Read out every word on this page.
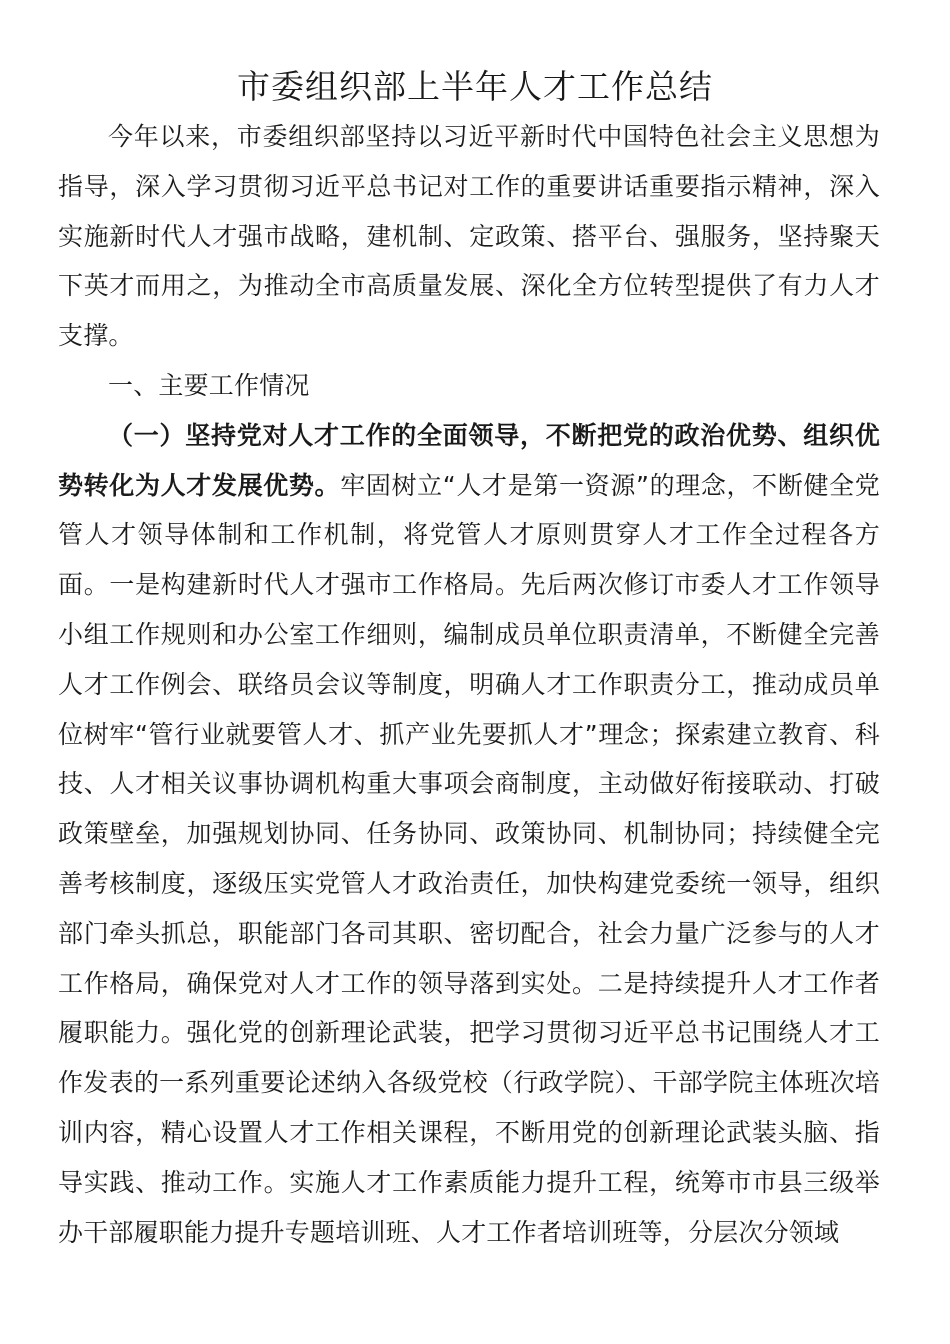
市委组织部上半年人才工作总结

今年以来，市委组织部坚持以习近平新时代中国特色社会主义思想为指导，深入学习贯彻习近平总书记对工作的重要讲话重要指示精神，深入实施新时代人才强市战略，建机制、定政策、搭平台、强服务，坚持聚天下英才而用之，为推动全市高质量发展、深化全方位转型提供了有力人才支撑。

一、主要工作情况

（一）坚持党对人才工作的全面领导，不断把党的政治优势、组织优势转化为人才发展优势。牢固树立“人才是第一资源”的理念，不断健全党管人才领导体制和工作机制，将党管人才原则贯穿人才工作全过程各方面。一是构建新时代人才强市工作格局。先后两次修订市委人才工作领导小组工作规则和办公室工作细则，编制成员单位职责清单，不断健全完善人才工作例会、联络员会议等制度，明确人才工作职责分工，推动成员单位树牢“管行业就要管人才、抓产业先要抓人才”理念；探索建立教育、科技、人才相关议事协调机构重大事项会商制度，主动做好衔接联动、打破政策壁垒，加强规划协同、任务协同、政策协同、机制协同；持续健全完善考核制度，逐级压实党管人才政治责任，加快构建党委统一领导，组织部门牵头抓总，职能部门各司其职、密切配合，社会力量广泛参与的人才工作格局，确保党对人才工作的领导落到实处。二是持续提升人才工作者履职能力。强化党的创新理论武装，把学习贯彻习近平总书记围绕人才工作发表的一系列重要论述纳入各级党校（行政学院）、干部学院主体班次培训内容，精心设置人才工作相关课程，不断用党的创新理论武装头脑、指导实践、推动工作。实施人才工作素质能力提升工程，统筹市市县三级举办干部履职能力提升专题培训班、人才工作者培训班等，分层次分领域
